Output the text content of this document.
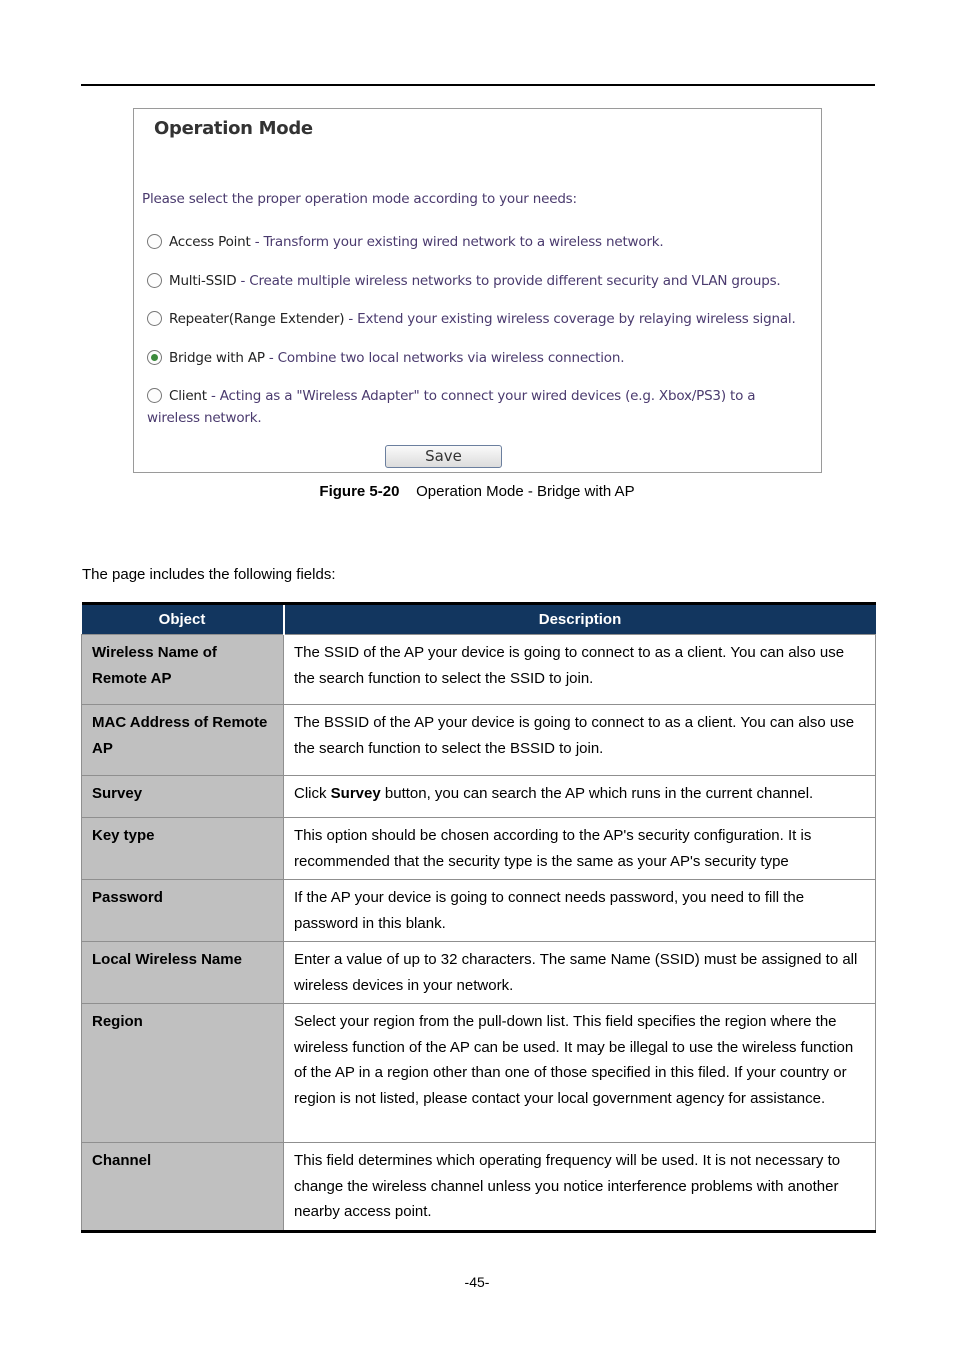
Operation Mode
Please select the proper operation mode according to your needs:
Access Point - Transform your existing wired network to a wireless network.
Multi-SSID - Create multiple wireless networks to provide different security and VLAN groups.
Repeater(Range Extender) - Extend your existing wireless coverage by relaying wireless signal.
Bridge with AP - Combine two local networks via wireless connection.
Client - Acting as a "Wireless Adapter" to connect your wired devices (e.g. Xbox/PS3) to a wireless network.
Save
Figure 5-20 Operation Mode - Bridge with AP
The page includes the following fields:
Object	Description
Wireless Name of Remote AP	The SSID of the AP your device is going to connect to as a client. You can also use the search function to select the SSID to join.
MAC Address of Remote AP	The BSSID of the AP your device is going to connect to as a client. You can also use the search function to select the BSSID to join.
Survey	Click Survey button, you can search the AP which runs in the current channel.
Key type	This option should be chosen according to the AP's security configuration. It is recommended that the security type is the same as your AP's security type
Password	If the AP your device is going to connect needs password, you need to fill the password in this blank.
Local Wireless Name	Enter a value of up to 32 characters. The same Name (SSID) must be assigned to all wireless devices in your network.
Region	Select your region from the pull-down list. This field specifies the region where the wireless function of the AP can be used. It may be illegal to use the wireless function of the AP in a region other than one of those specified in this filed. If your country or region is not listed, please contact your local government agency for assistance.
Channel	This field determines which operating frequency will be used. It is not necessary to change the wireless channel unless you notice interference problems with another nearby access point.
-45-
